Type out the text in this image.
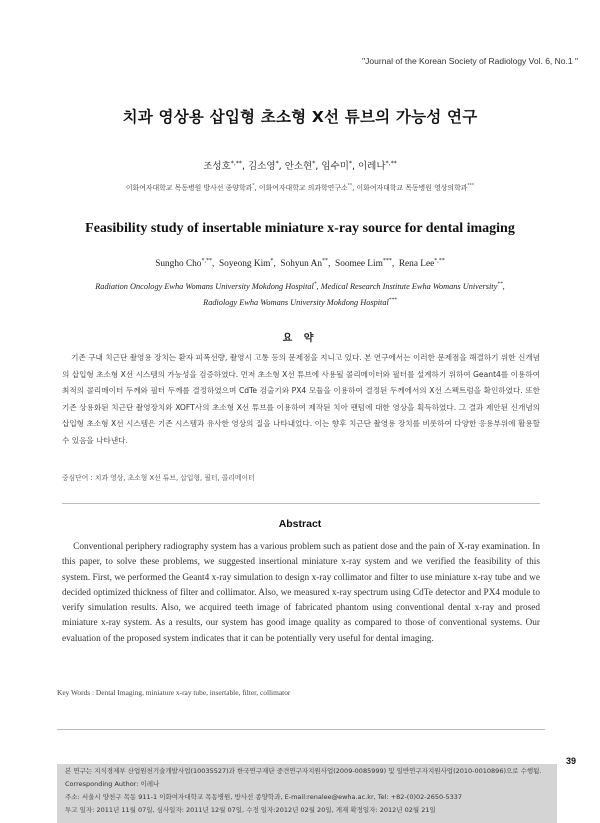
"Journal of the Korean Society of Radiology Vol. 6, No.1 "
치과 영상용 삽입형 초소형 X선 튜브의 가능성 연구
조성호*,**, 김소영*, 안소현*, 임수미*, 이레나*,**
이화여자대학교 목동병원 방사선 종양학과*, 이화여자대학교 의과학연구소**, 이화여자대학교 목동병원 영상의학과***
Feasibility study of insertable miniature x-ray source for dental imaging
Sungho Cho*,**,  Soyeong Kim*,  Sohyun An**,  Soomee Lim***,  Rena Lee*,**
Radiation Oncology Ewha Womans University Mokdong Hospital*, Medical Research Institute Ewha Womans University**,
Radiology Ewha Womans University Mokdong Hospital***
요 약

기존 구내 치근단 촬영용 장치는 환자 피폭선량, 촬영시 고통 등의 문제점을 지니고 있다. 본 연구에서는 이러한 문제점을 해결하기 위한 신개념의 삽입형 초소형 X선 시스템의 가능성을 검증하였다. 먼저 초소형 X선 튜브에 사용될 콜리메이터와 필터를 설계하기 위하여 Geant4를 이용하여 최적의 콜리메이터 두께와 필터 두께를 결정하였으며 CdTe 검출기와 PX4 모듈을 이용하여 결정된 두께에서의 X선 스펙트럼을 확인하였다. 또한 기존 상용화된 치근단 촬영장치와 XOFT사의 초소형 X선 튜브를 이용하여 제작된 치아 팬텀에 대한 영상을 획득하였다. 그 결과 제안된 신개념의 삽입형 초소형 X선 시스템은 기존 시스템과 유사한 영상의 질을 나타내었다. 이는 향후 치근단 촬영용 장치를 비롯하여 다양한 응용부위에 활용할 수 있음을 나타낸다.

중심단어 : 치과 영상, 초소형 X선 튜브, 삽입형, 필터, 콜리메이터
Abstract

Conventional periphery radiography system has a various problem such as patient dose and the pain of X-ray examination. In this paper, to solve these problems, we suggested insertional miniature x-ray system and we verified the feasibility of this system. First, we performed the Geant4 x-ray simulation to design x-ray collimator and filter to use miniature x-ray tube and we decided optimized thickness of filter and collimator. Also, we measured x-ray spectrum using CdTe detector and PX4 module to verify simulation results. Also, we acquired teeth image of fabricated phantom using conventional dental x-ray and prosed miniature x-ray system. As a results, our system has good image quality as compared to those of conventional systems. Our evaluation of the proposed system indicates that it can be potentially very useful for dental imaging.

Key Words : Dental Imaging, miniature x-ray tube, insertable, filter, collimator
39
본 연구는 지식경제부 산업원천기술개발사업(10035527)과 한국연구재단 중견연구자지원사업(2009-0085999) 및 일반연구자지원사업(2010-0010896)으로 수행됨.
Corresponding Author: 이레나
주소: 서울시 양천구 목동 911-1 이화여자대학교 목동병원, 방사선 종양학과, E-mail:renalee@ewha.ac.kr, Tel: +82-(0)02-2650-5337
투고 일자: 2011년 11월 07일, 심사일자: 2011년 12월 07일, 수정 일자:2012년 02월 20일, 게재 확정일자: 2012년 02월 21일
